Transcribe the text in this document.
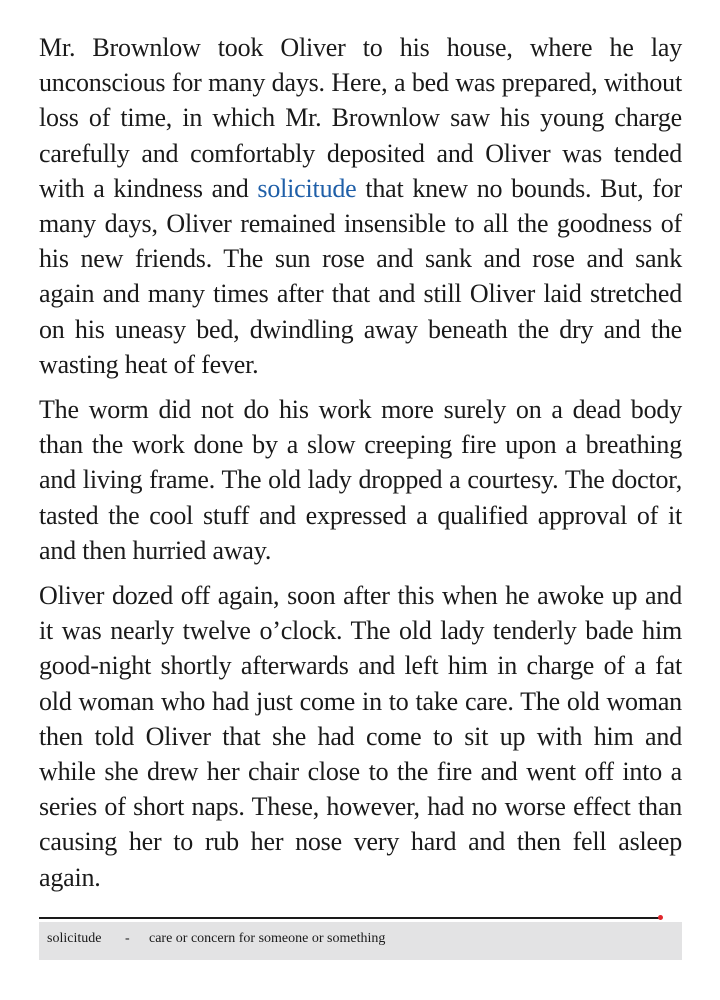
Mr. Brownlow took Oliver to his house, where he lay unconscious for many days. Here, a bed was prepared, without loss of time, in which Mr. Brownlow saw his young charge carefully and comfortably deposited and Oliver was tended with a kindness and solicitude that knew no bounds. But, for many days, Oliver remained insensible to all the goodness of his new friends. The sun rose and sank and rose and sank again and many times after that and still Oliver laid stretched on his uneasy bed, dwindling away beneath the dry and the wasting heat of fever.

The worm did not do his work more surely on a dead body than the work done by a slow creeping fire upon a breathing and living frame. The old lady dropped a courtesy. The doctor, tasted the cool stuff and expressed a qualified approval of it and then hurried away.

Oliver dozed off again, soon after this when he awoke up and it was nearly twelve o’clock. The old lady tenderly bade him good-night shortly afterwards and left him in charge of a fat old woman who had just come in to take care. The old woman then told Oliver that she had come to sit up with him and while she drew her chair close to the fire and went off into a series of short naps. These, however, had no worse effect than causing her to rub her nose very hard and then fell asleep again.

solicitude - care or concern for someone or something
